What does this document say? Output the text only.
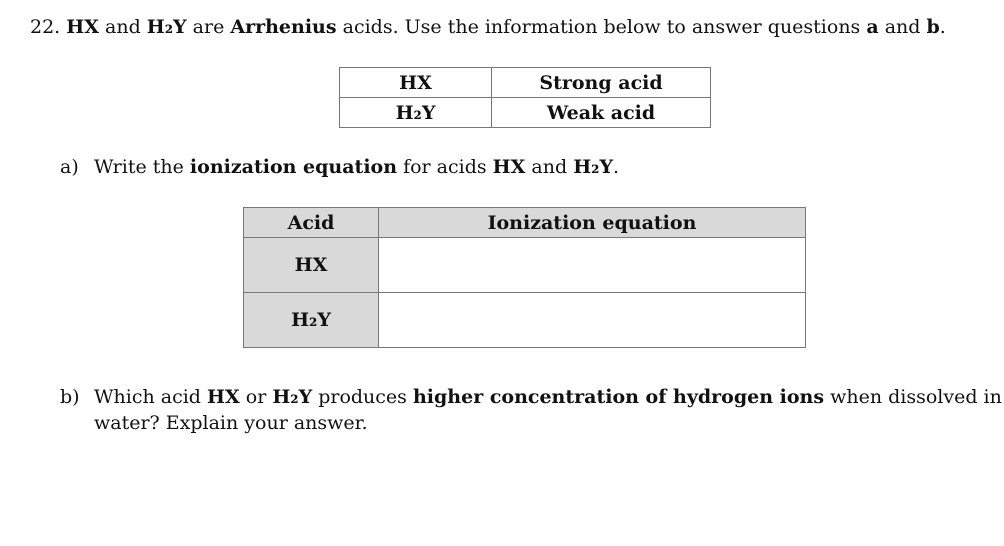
22. HX and H₂Y are Arrhenius acids. Use the information below to answer questions a and b.
HX	Strong acid
H₂Y	Weak acid
a) Write the ionization equation for acids HX and H₂Y.
Acid	Ionization equation
HX	
H₂Y	
b) Which acid HX or H₂Y produces higher concentration of hydrogen ions when dissolved in
water? Explain your answer.
